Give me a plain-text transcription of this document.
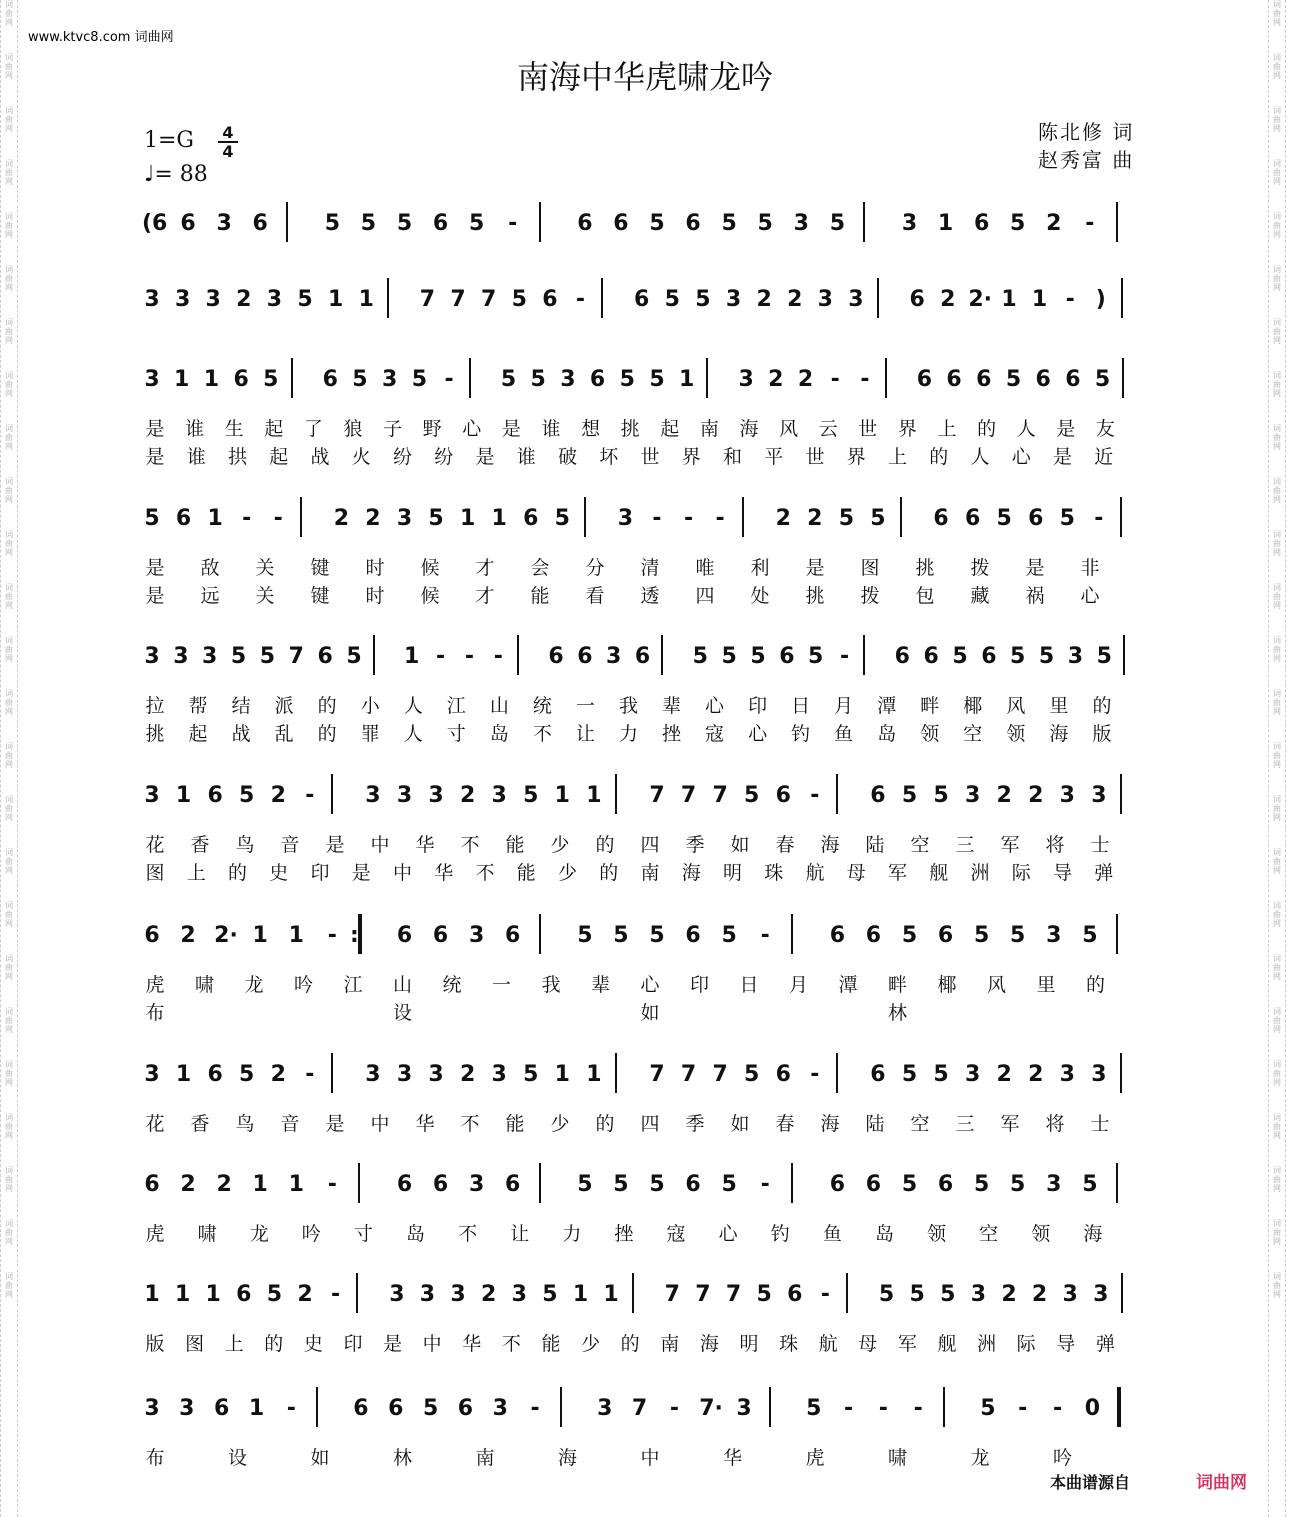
词
曲
网
词
曲
网
词
曲
网
词
曲
网
词
曲
网
词
曲
网
词
曲
网
词
曲
网
词
曲
网
词
曲
网
词
曲
网
词
曲
网
词
曲
网
词
曲
网
词
曲
网
词
曲
网
词
曲
网
词
曲
网
词
曲
网
词
曲
网
词
曲
网
词
曲
网
词
曲
网
词
曲
网
词
曲
网
词
曲
网
词
曲
网
词
曲
网
词
曲
网
词
曲
网
词
曲
网
词
曲
网
词
曲
网
词
曲
网
词
曲
网
词
曲
网
词
曲
网
词
曲
网
词
曲
网
词
曲
网
词
曲
网
词
曲
网
词
曲
网
词
曲
网
词
曲
网
词
曲
网
词
曲
网
词
曲
网
词
曲
网
词
曲
网
www.ktvc8.com 词曲网
南海中华虎啸龙吟
1=G 4
4
♩= 88
陈北修 词
赵秀富 曲
(6 6 3 6	5 5 5 6 5 -	6 6 5 6 5 5 3 5	3 1 6 5 2 -
3 3 3 2 3 5 1 1 7 7 7 5 6 - 6 5 5 3 2 2 3 3 6 2 2· 1 1 - )
3 1 1 6 5 6 5 3 5 - 5 5 3 6 5 5 1 3 2 2 - - 6 6 6 5 6 6 5
是 谁 生 起 了 狼 子 野 心 是 谁 想 挑 起 南 海 风 云 世 界 上 的 人 是 友
是 谁 拱 起 战 火 纷 纷 是 谁 破 坏 世 界 和 平 世 界 上 的 人 心 是 近
5 6 1 - - 2 2 3 5 1 1 6 5 3 - - - 2 2 5 5 6 6 5 6 5 -
是 敌 关 键 时 候 才 会 分 清 唯 利 是 图 挑 拨 是 非
是 远 关 键 时 候 才 能 看 透 四 处 挑 拨 包 藏 祸 心
3 3 3 5 5 7 6 5 1 - - - 6 6 3 6 5 5 5 6 5 - 6 6 5 6 5 5 3 5
拉 帮 结 派 的 小 人 江 山 统 一 我 辈 心 印 日 月 潭 畔 椰 风 里 的
挑 起 战 乱 的 罪 人 寸 岛 不 让 力 挫 寇 心 钓 鱼 岛 领 空 领 海 版
3 1 6 5 2 - 3 3 3 2 3 5 1 1 7 7 7 5 6 - 6 5 5 3 2 2 3 3
花 香 鸟 音 是 中 华 不 能 少 的 四 季 如 春 海 陆 空 三 军 将 士
图 上 的 史 印 是 中 华 不 能 少 的 南 海 明 珠 航 母 军 舰 洲 际 导 弹
6 2 2· 1 1 - : 6 6 3 6	5 5 5 6 5 -	6 6 5 6 5 5 3 5
虎 啸 龙 吟 江 山 统 一 我 辈 心 印 日 月 潭 畔 椰 风 里 的
布	设	如	林
3 1 6 5 2 - 3 3 3 2 3 5 1 1 7 7 7 5 6 - 6 5 5 3 2 2 3 3
花 香 鸟 音 是 中 华 不 能 少 的 四 季 如 春 海 陆 空 三 军 将 士
6 2 2 1 1 -	6 6 3 6	5 5 5 6 5 -	6 6 5 6 5 5 3 5
虎 啸 龙 吟 寸 岛 不 让 力 挫 寇 心 钓 鱼 岛 领 空 领 海
1 1 1 6 5 2 - 3 3 3 2 3 5 1 1 7 7 7 5 6 - 5 5 5 3 2 2 3 3
版 图 上 的 史 印 是 中 华 不 能 少 的 南 海 明 珠 航 母 军 舰 洲 际 导 弹
3 3 6 1 -	6 6 5 6 3 -	3 7 - 7· 3 5 - - -	5 - - 0
布	设	如	林	南	海	中	华	虎	啸	龙	吟
本曲谱源自	词曲网
